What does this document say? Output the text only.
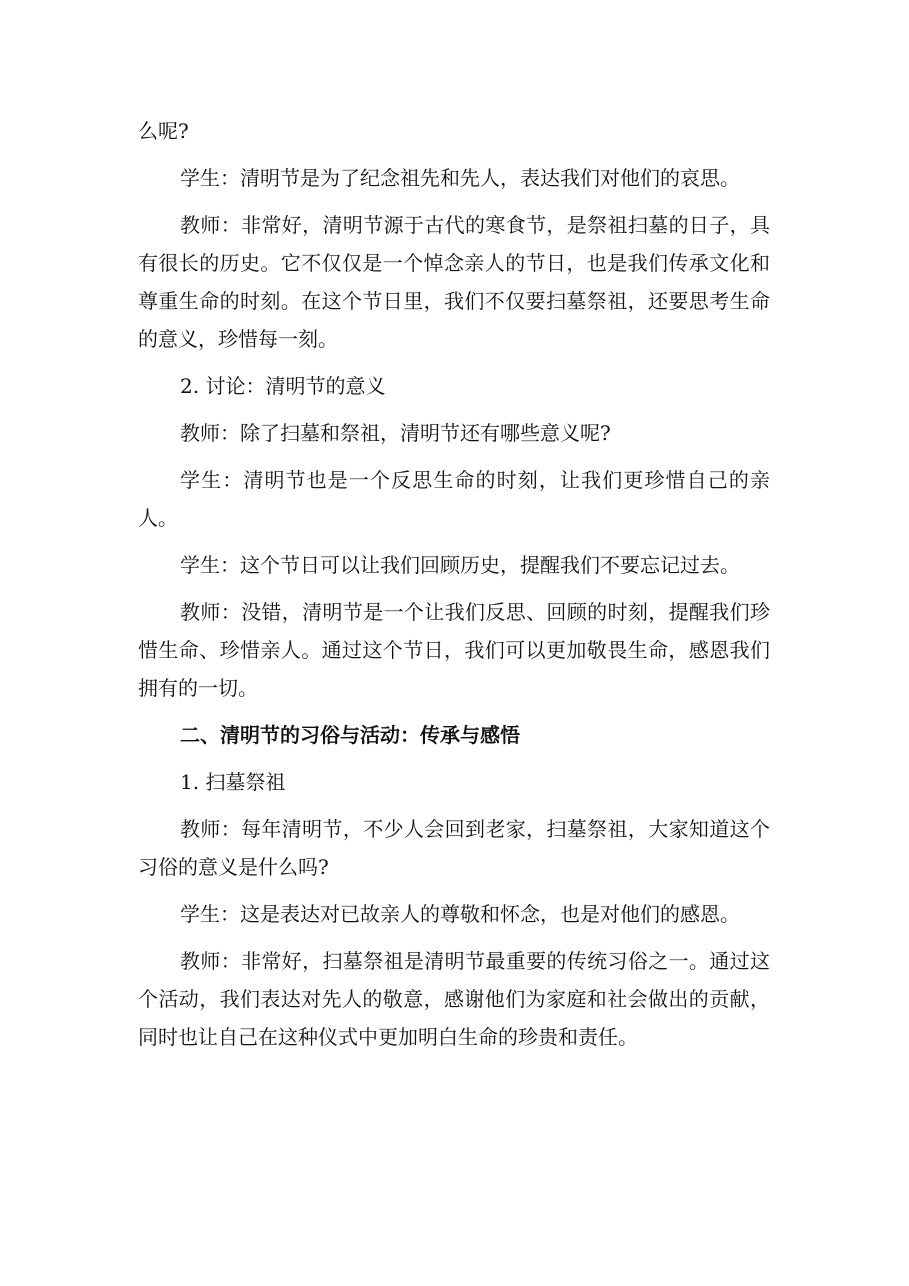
么呢?

学生：清明节是为了纪念祖先和先人，表达我们对他们的哀思。

教师：非常好，清明节源于古代的寒食节，是祭祖扫墓的日子，具有很长的历史。它不仅仅是一个悼念亲人的节日，也是我们传承文化和尊重生命的时刻。在这个节日里，我们不仅要扫墓祭祖，还要思考生命的意义，珍惜每一刻。

2. 讨论：清明节的意义

教师：除了扫墓和祭祖，清明节还有哪些意义呢?

学生：清明节也是一个反思生命的时刻，让我们更珍惜自己的亲人。

学生：这个节日可以让我们回顾历史，提醒我们不要忘记过去。

教师：没错，清明节是一个让我们反思、回顾的时刻，提醒我们珍惜生命、珍惜亲人。通过这个节日，我们可以更加敬畏生命，感恩我们拥有的一切。

二、清明节的习俗与活动：传承与感悟

1. 扫墓祭祖

教师：每年清明节，不少人会回到老家，扫墓祭祖，大家知道这个习俗的意义是什么吗?

学生：这是表达对已故亲人的尊敬和怀念，也是对他们的感恩。

教师：非常好，扫墓祭祖是清明节最重要的传统习俗之一。通过这个活动，我们表达对先人的敬意，感谢他们为家庭和社会做出的贡献，同时也让自己在这种仪式中更加明白生命的珍贵和责任。
